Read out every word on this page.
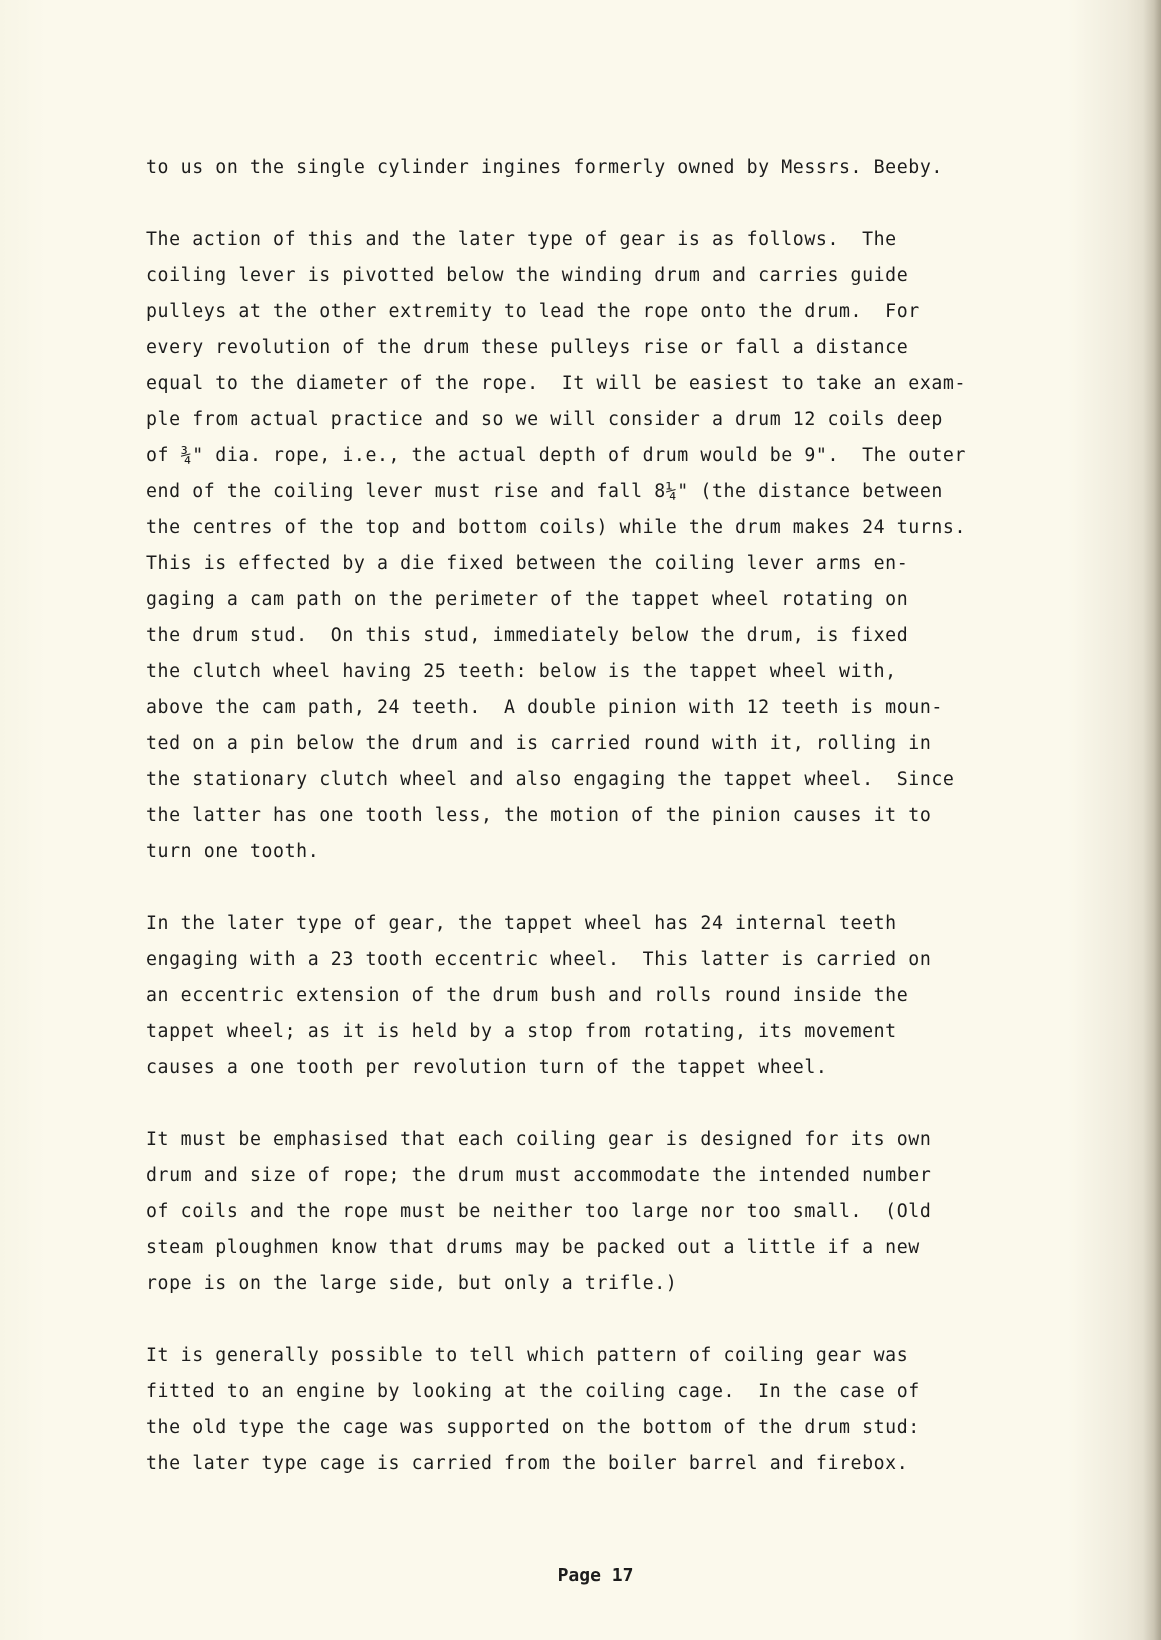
to us on the single cylinder ingines formerly owned by Messrs. Beeby.
The action of this and the later type of gear is as follows.  The
coiling lever is pivotted below the winding drum and carries guide
pulleys at the other extremity to lead the rope onto the drum.  For
every revolution of the drum these pulleys rise or fall a distance
equal to the diameter of the rope.  It will be easiest to take an exam-
ple from actual practice and so we will consider a drum 12 coils deep
of ¾" dia. rope, i.e., the actual depth of drum would be 9".  The outer
end of the coiling lever must rise and fall 8¼" (the distance between
the centres of the top and bottom coils) while the drum makes 24 turns.
This is effected by a die fixed between the coiling lever arms en-
gaging a cam path on the perimeter of the tappet wheel rotating on
the drum stud.  On this stud, immediately below the drum, is fixed
the clutch wheel having 25 teeth: below is the tappet wheel with,
above the cam path, 24 teeth.  A double pinion with 12 teeth is moun-
ted on a pin below the drum and is carried round with it, rolling in
the stationary clutch wheel and also engaging the tappet wheel.  Since
the latter has one tooth less, the motion of the pinion causes it to
turn one tooth.
In the later type of gear, the tappet wheel has 24 internal teeth
engaging with a 23 tooth eccentric wheel.  This latter is carried on
an eccentric extension of the drum bush and rolls round inside the
tappet wheel; as it is held by a stop from rotating, its movement
causes a one tooth per revolution turn of the tappet wheel.
It must be emphasised that each coiling gear is designed for its own
drum and size of rope; the drum must accommodate the intended number
of coils and the rope must be neither too large nor too small.  (Old
steam ploughmen know that drums may be packed out a little if a new
rope is on the large side, but only a trifle.)
It is generally possible to tell which pattern of coiling gear was
fitted to an engine by looking at the coiling cage.  In the case of
the old type the cage was supported on the bottom of the drum stud:
the later type cage is carried from the boiler barrel and firebox.
Page 17
